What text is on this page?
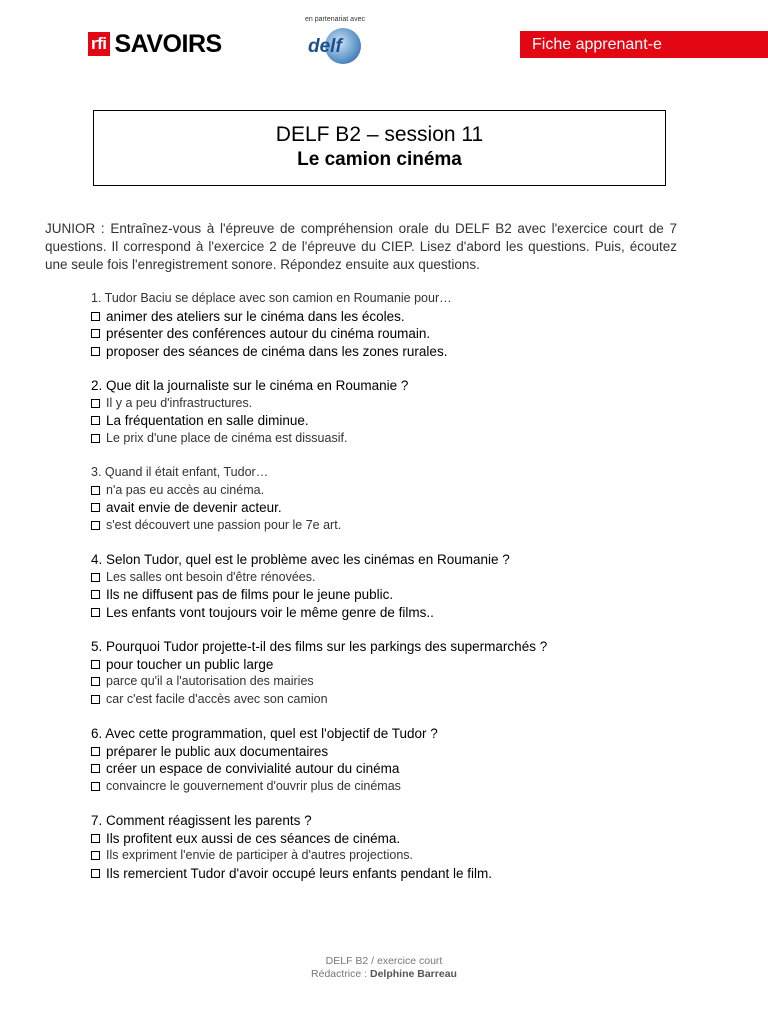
rfi SAVOIRS
en partenariat avec
delf	Fiche apprenant-e
DELF B2 – session 11
Le camion cinéma
JUNIOR : Entraînez-vous à l'épreuve de compréhension orale du DELF B2 avec l'exercice court de 7 questions. Il correspond à l'exercice 2 de l'épreuve du CIEP. Lisez d'abord les questions. Puis, écoutez une seule fois l'enregistrement sonore. Répondez ensuite aux questions.
1. Tudor Baciu se déplace avec son camion en Roumanie pour…
animer des ateliers sur le cinéma dans les écoles.
présenter des conférences autour du cinéma roumain.
proposer des séances de cinéma dans les zones rurales.
2. Que dit la journaliste sur le cinéma en Roumanie ?
Il y a peu d'infrastructures.
La fréquentation en salle diminue.
Le prix d'une place de cinéma est dissuasif.
3. Quand il était enfant, Tudor…
n'a pas eu accès au cinéma.
avait envie de devenir acteur.
s'est découvert une passion pour le 7e art.
4. Selon Tudor, quel est le problème avec les cinémas en Roumanie ?
Les salles ont besoin d'être rénovées.
Ils ne diffusent pas de films pour le jeune public.
Les enfants vont toujours voir le même genre de films..
5. Pourquoi Tudor projette-t-il des films sur les parkings des supermarchés ?
pour toucher un public large
parce qu'il a l'autorisation des mairies
car c'est facile d'accès avec son camion
6. Avec cette programmation, quel est l'objectif de Tudor ?
préparer le public aux documentaires
créer un espace de convivialité autour du cinéma
convaincre le gouvernement d'ouvrir plus de cinémas
7. Comment réagissent les parents ?
Ils profitent eux aussi de ces séances de cinéma.
Ils expriment l'envie de participer à d'autres projections.
Ils remercient Tudor d'avoir occupé leurs enfants pendant le film.
DELF B2 / exercice court
Rédactrice : Delphine Barreau
